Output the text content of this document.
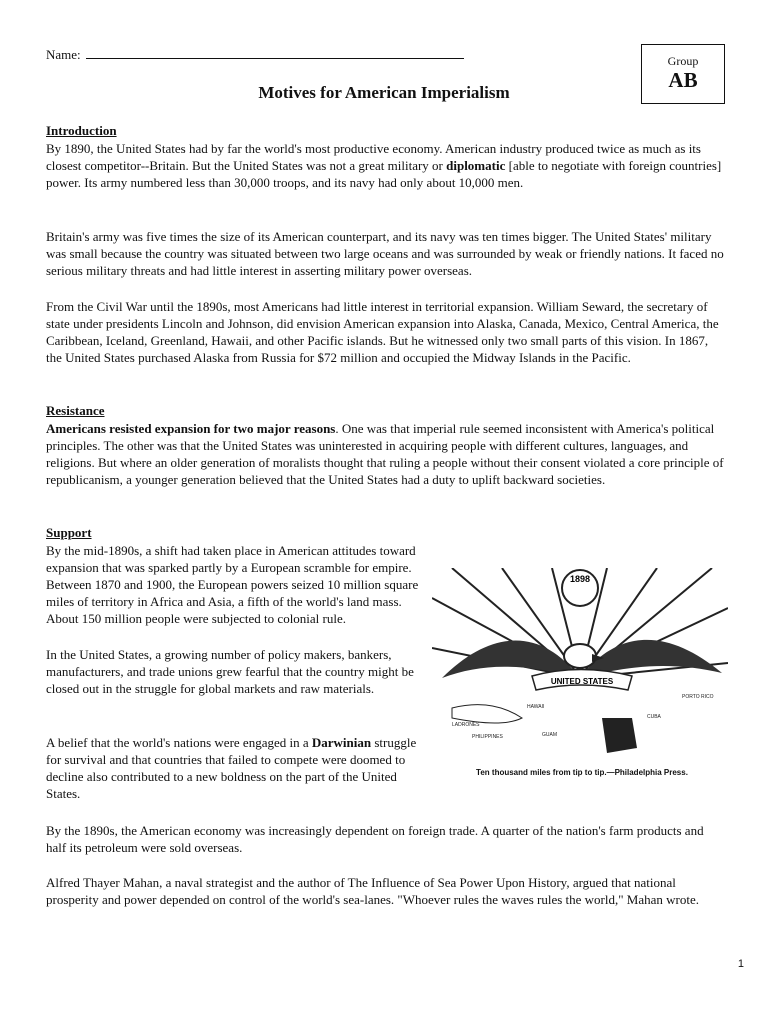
Name:	Group
AB
Motives for American Imperialism
Introduction

By 1890, the United States had by far the world's most productive economy. American industry produced twice as much as its closest competitor--Britain. But the United States was not a great military or diplomatic [able to negotiate with foreign countries] power. Its army numbered less than 30,000 troops, and its navy had only about 10,000 men.

Britain's army was five times the size of its American counterpart, and its navy was ten times bigger. The United States' military was small because the country was situated between two large oceans and was surrounded by weak or friendly nations. It faced no serious military threats and had little interest in asserting military power overseas.

From the Civil War until the 1890s, most Americans had little interest in territorial expansion. William Seward, the secretary of state under presidents Lincoln and Johnson, did envision American expansion into Alaska, Canada, Mexico, Central America, the Caribbean, Iceland, Greenland, Hawaii, and other Pacific islands. But he witnessed only two small parts of this vision. In 1867, the United States purchased Alaska from Russia for $72 million and occupied the Midway Islands in the Pacific.

Resistance

Americans resisted expansion for two major reasons. One was that imperial rule seemed inconsistent with America's political principles. The other was that the United States was uninterested in acquiring people with different cultures, languages, and religions. But where an older generation of moralists thought that ruling a people without their consent violated a core principle of republicanism, a younger generation believed that the United States had a duty to uplift backward societies.

Support

By the mid-1890s, a shift had taken place in American attitudes toward expansion that was sparked partly by a European scramble for empire. Between 1870 and 1900, the European powers seized 10 million square miles of territory in Africa and Asia, a fifth of the world's land mass. About 150 million people were subjected to colonial rule.

In the United States, a growing number of policy makers, bankers, manufacturers, and trade unions grew fearful that the country might be closed out in the struggle for global markets and raw materials.

A belief that the world's nations were engaged in a Darwinian struggle for survival and that countries that failed to compete were doomed to decline also contributed to a new boldness on the part of the United States.

By the 1890s, the American economy was increasingly dependent on foreign trade. A quarter of the nation's farm products and half its petroleum were sold overseas.

Alfred Thayer Mahan, a naval strategist and the author of The Influence of Sea Power Upon History, argued that national prosperity and power depended on control of the world's sea-lanes. "Whoever rules the waves rules the world," Mahan wrote.

1898
UNITED STATES
PORTO RICO
HAWAII
LADRONES
PHILIPPINES
CUBA
GUAM
Ten thousand miles from tip to tip.—Philadelphia Press.
1
